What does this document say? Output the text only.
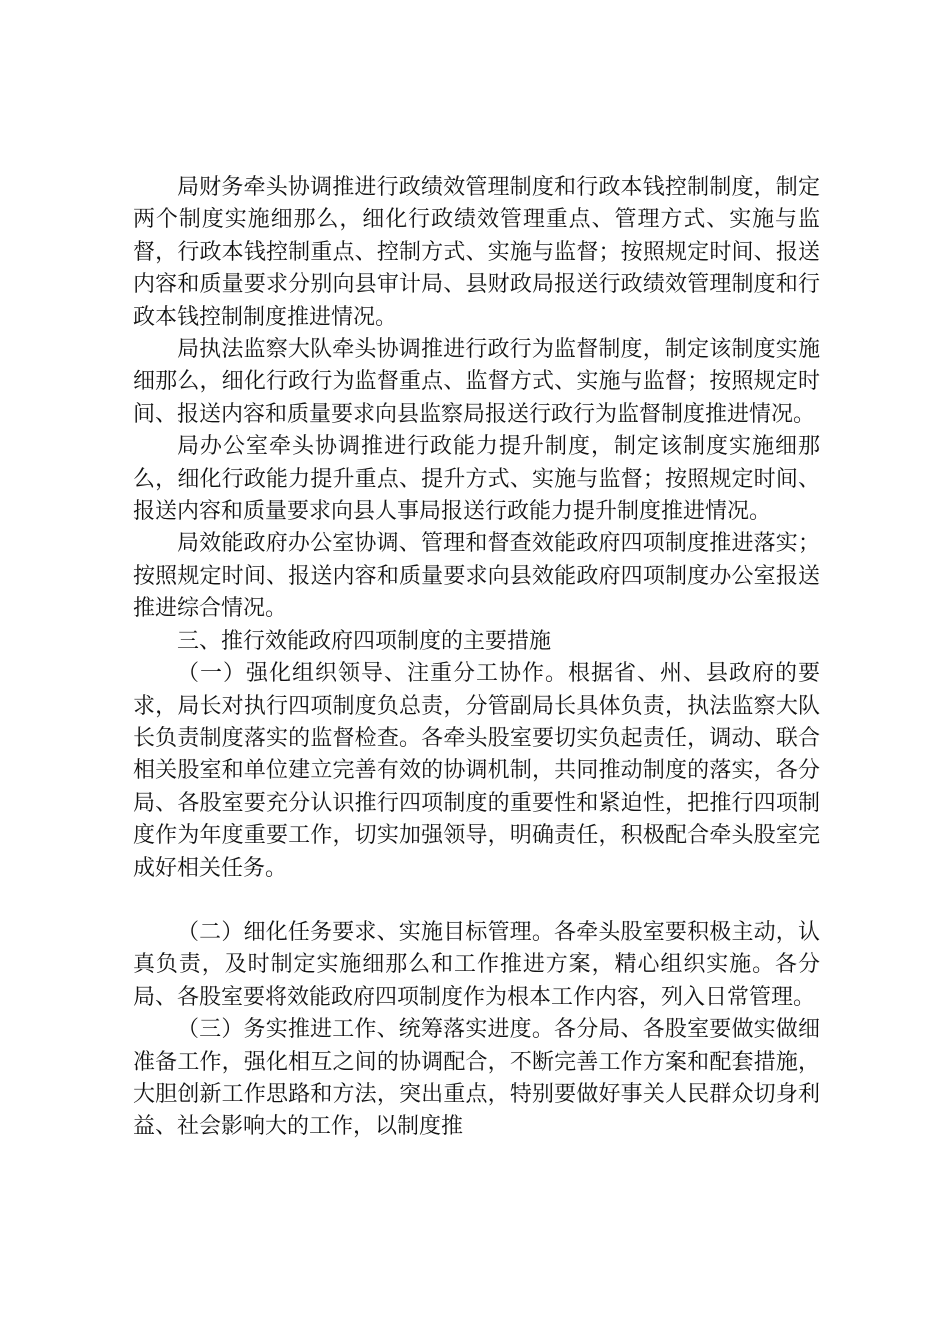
局财务牵头协调推进行政绩效管理制度和行政本钱控制制度，制定两个制度实施细那么，细化行政绩效管理重点、管理方式、实施与监督，行政本钱控制重点、控制方式、实施与监督；按照规定时间、报送内容和质量要求分别向县审计局、县财政局报送行政绩效管理制度和行政本钱控制制度推进情况。

局执法监察大队牵头协调推进行政行为监督制度，制定该制度实施细那么，细化行政行为监督重点、监督方式、实施与监督；按照规定时间、报送内容和质量要求向县监察局报送行政行为监督制度推进情况。

局办公室牵头协调推进行政能力提升制度，制定该制度实施细那么，细化行政能力提升重点、提升方式、实施与监督；按照规定时间、报送内容和质量要求向县人事局报送行政能力提升制度推进情况。

局效能政府办公室协调、管理和督查效能政府四项制度推进落实；按照规定时间、报送内容和质量要求向县效能政府四项制度办公室报送推进综合情况。

三、推行效能政府四项制度的主要措施

（一）强化组织领导、注重分工协作。根据省、州、县政府的要求，局长对执行四项制度负总责，分管副局长具体负责，执法监察大队长负责制度落实的监督检查。各牵头股室要切实负起责任，调动、联合相关股室和单位建立完善有效的协调机制，共同推动制度的落实，各分局、各股室要充分认识推行四项制度的重要性和紧迫性，把推行四项制度作为年度重要工作，切实加强领导，明确责任，积极配合牵头股室完成好相关任务。

（二）细化任务要求、实施目标管理。各牵头股室要积极主动，认真负责，及时制定实施细那么和工作推进方案，精心组织实施。各分局、各股室要将效能政府四项制度作为根本工作内容，列入日常管理。

（三）务实推进工作、统筹落实进度。各分局、各股室要做实做细准备工作，强化相互之间的协调配合，不断完善工作方案和配套措施，大胆创新工作思路和方法，突出重点，特别要做好事关人民群众切身利益、社会影响大的工作，以制度推
